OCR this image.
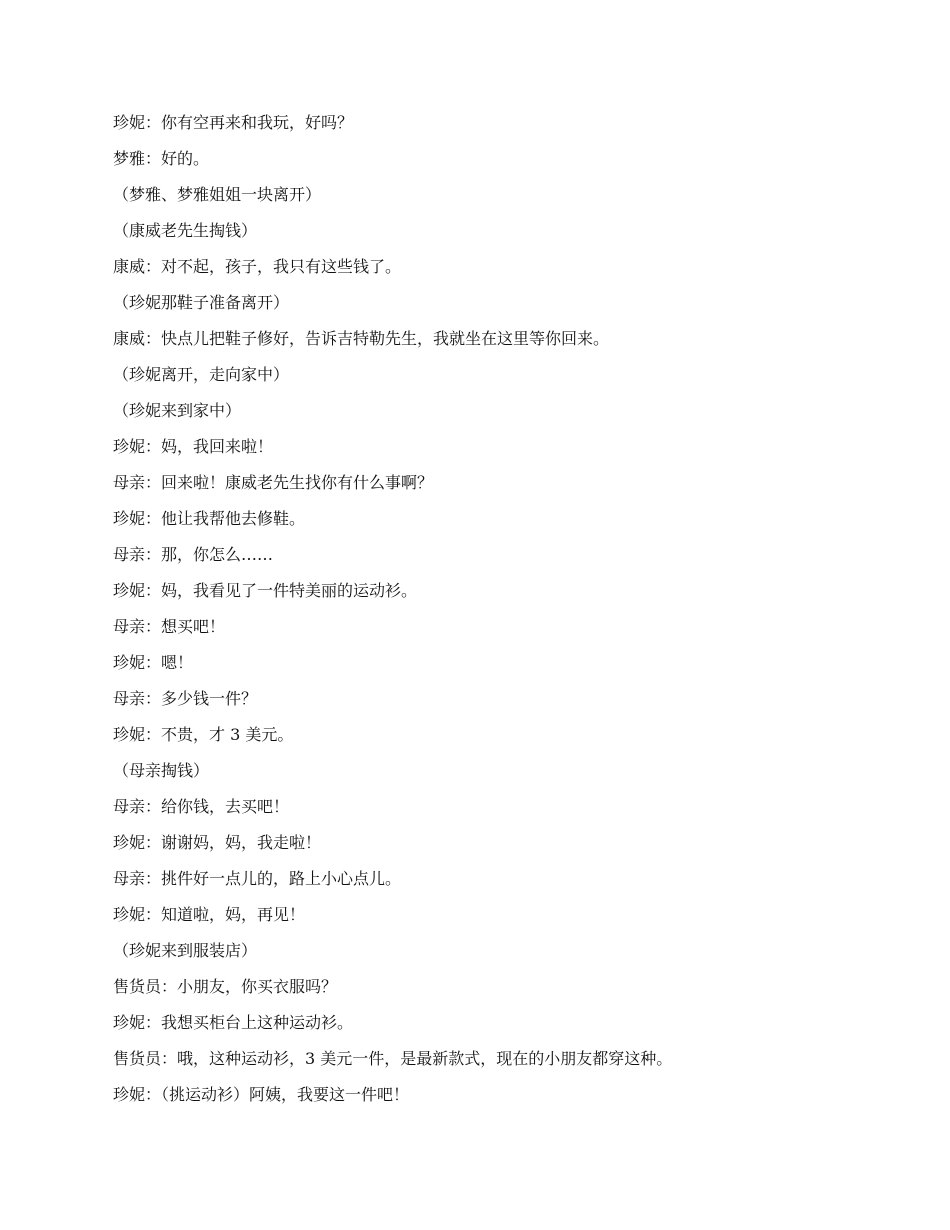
珍妮：你有空再来和我玩，好吗？
梦雅：好的。
（梦雅、梦雅姐姐一块离开）
（康威老先生掏钱）
康威：对不起，孩子，我只有这些钱了。
（珍妮那鞋子准备离开）
康威：快点儿把鞋子修好，告诉吉特勒先生，我就坐在这里等你回来。
（珍妮离开，走向家中）
（珍妮来到家中）
珍妮：妈，我回来啦！
母亲：回来啦！康威老先生找你有什么事啊？
珍妮：他让我帮他去修鞋。
母亲：那，你怎么……
珍妮：妈，我看见了一件特美丽的运动衫。
母亲：想买吧！
珍妮：嗯！
母亲：多少钱一件？
珍妮：不贵，才 3 美元。
（母亲掏钱）
母亲：给你钱，去买吧！
珍妮：谢谢妈，妈，我走啦！
母亲：挑件好一点儿的，路上小心点儿。
珍妮：知道啦，妈，再见！
（珍妮来到服装店）
售货员：小朋友，你买衣服吗？
珍妮：我想买柜台上这种运动衫。
售货员：哦，这种运动衫，3 美元一件，是最新款式，现在的小朋友都穿这种。
珍妮：（挑运动衫）阿姨，我要这一件吧！
